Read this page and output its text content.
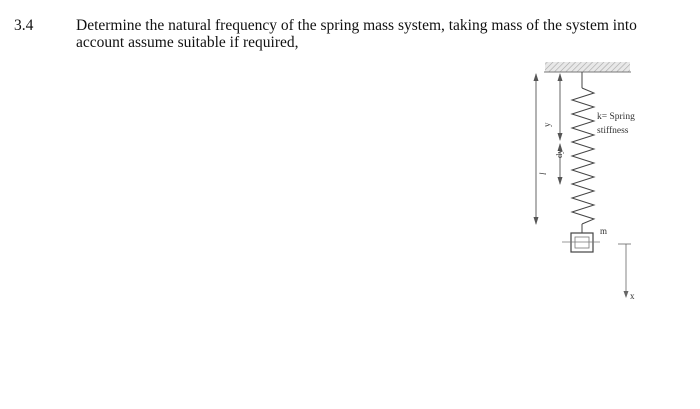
3.4	Determine the natural frequency of the spring mass system, taking mass of the system into
account assume suitable if required,
k= Spring
stiffness
m
x
y
dy
l
